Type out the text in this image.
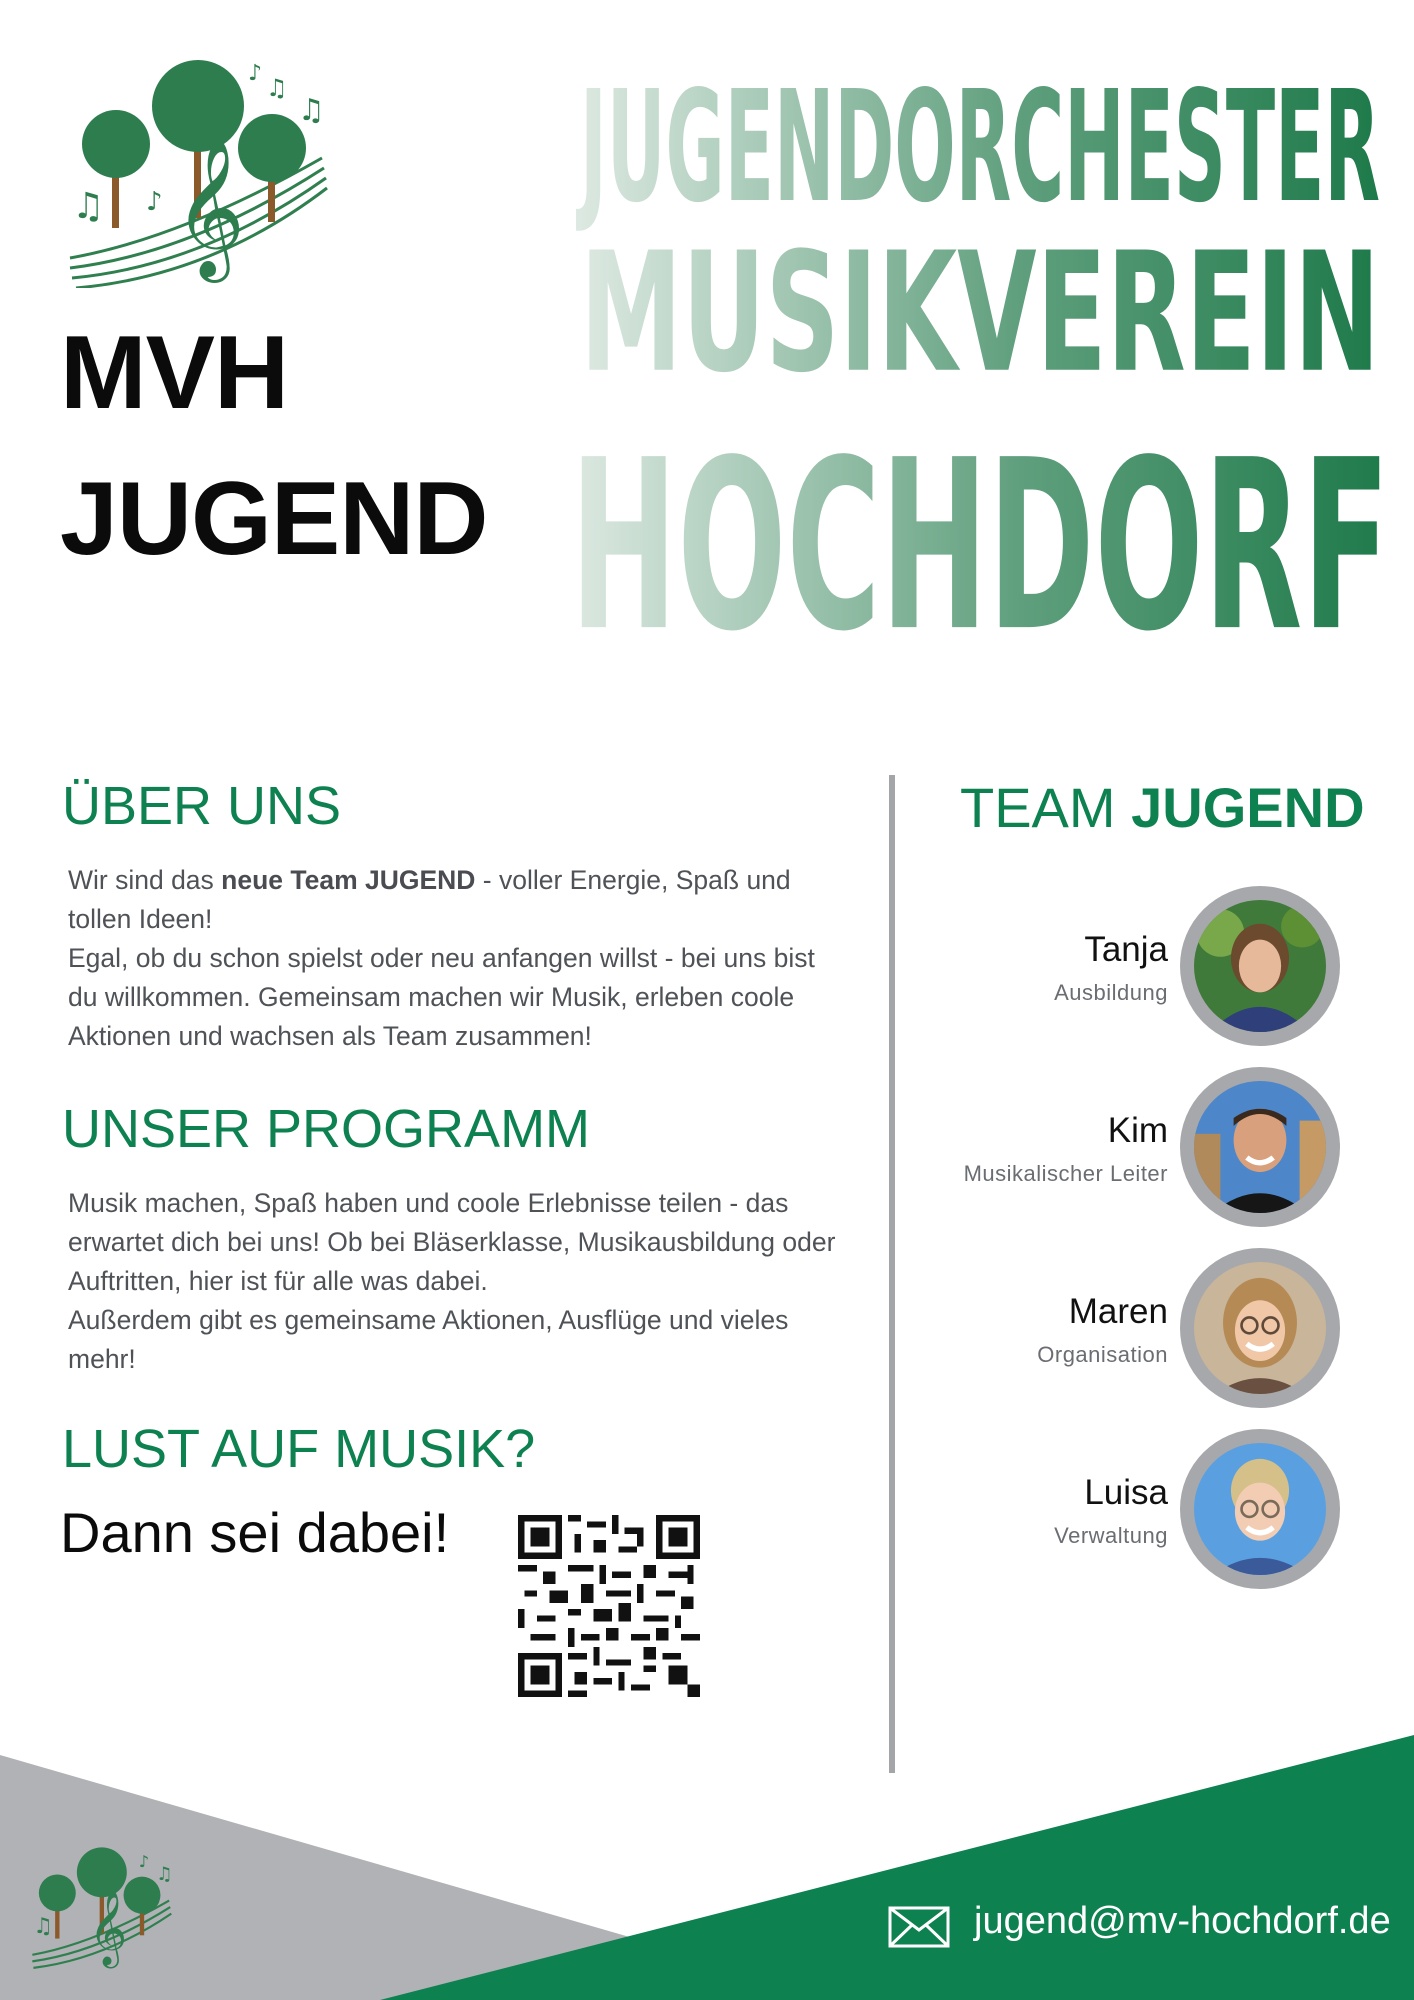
𝄞
♫ ♪
♪
♫
♫
MVH
JUGEND
JUGENDORCHESTER
MUSIKVEREIN
HOCHDORF
ÜBER UNS

Wir sind das neue Team JUGEND - voller Energie, Spaß und tollen Ideen!

Egal, ob du schon spielst oder neu anfangen willst - bei uns bist du willkommen. Gemeinsam machen wir Musik, erleben coole Aktionen und wachsen als Team zusammen!

UNSER PROGRAMM

Musik machen, Spaß haben und coole Erlebnisse teilen - das erwartet dich bei uns! Ob bei Bläserklasse, Musikausbildung oder Auftritten, hier ist für alle was dabei.

Außerdem gibt es gemeinsame Aktionen, Ausflüge und vieles mehr!

LUST AUF MUSIK?
Dann sei dabei!
TEAM JUGEND
Tanja
Ausbildung
Kim
Musikalischer Leiter
Maren
Organisation
Luisa
Verwaltung
𝄞
♫
♪
♫
jugend@mv-hochdorf.de
